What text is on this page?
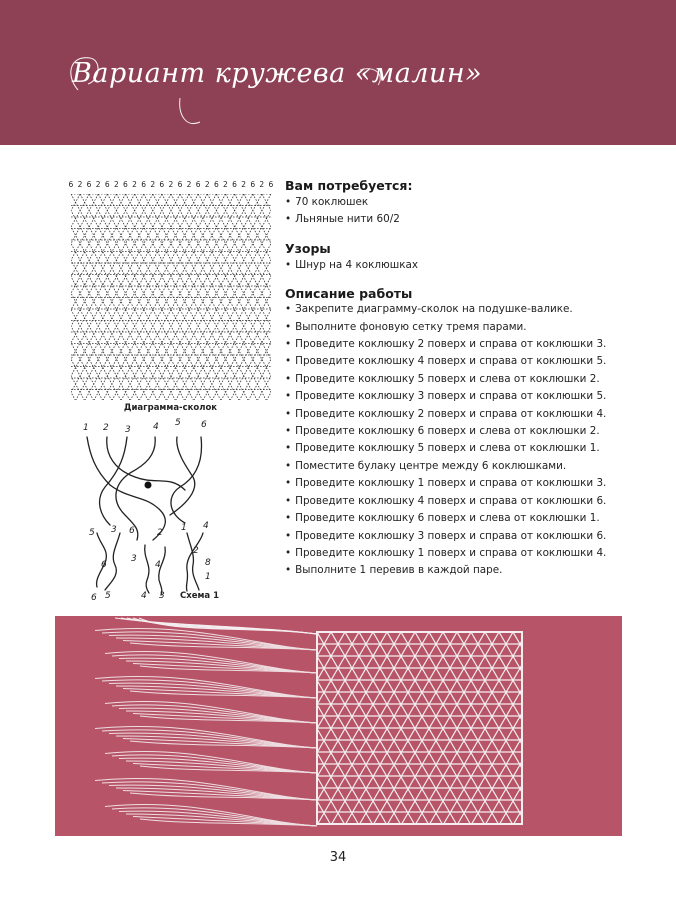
Вариант кружева «малин»
6 2 6 2 6 2 6 2 6 2 6 2 6 2 6 2 6 2 6 2 6 2 6
Диаграмма-сколок
1 2 3 4 5 6
5 3 6 2 1 4
2
6
3
4	8
1
6 5	4 3 Схема 1
Вам потребуется:
• 70 коклюшек
• Льняные нити 60/2
Узоры
• Шнур на 4 коклюшках
Описание работы
• Закрепите диаграмму-сколок на подушке-валике.
• Выполните фоновую сетку тремя парами.
• Проведите коклюшку 2 поверх и справа от коклюшки 3.
• Проведите коклюшку 4 поверх и справа от коклюшки 5.
• Проведите коклюшку 5 поверх и слева от коклюшки 2.
• Проведите коклюшку 3 поверх и справа от коклюшки 5.
• Проведите коклюшку 2 поверх и справа от коклюшки 4.
• Проведите коклюшку 6 поверх и слева от коклюшки 2.
• Проведите коклюшку 5 поверх и слева от коклюшки 1.
• Поместите булаку центре между 6 коклюшками.
• Проведите коклюшку 1 поверх и справа от коклюшки 3.
• Проведите коклюшку 4 поверх и справа от коклюшки 6.
• Проведите коклюшку 6 поверх и слева от коклюшки 1.
• Проведите коклюшку 3 поверх и справа от коклюшки 6.
• Проведите коклюшку 1 поверх и справа от коклюшки 4.
• Выполните 1 перевив в каждой паре.
34
